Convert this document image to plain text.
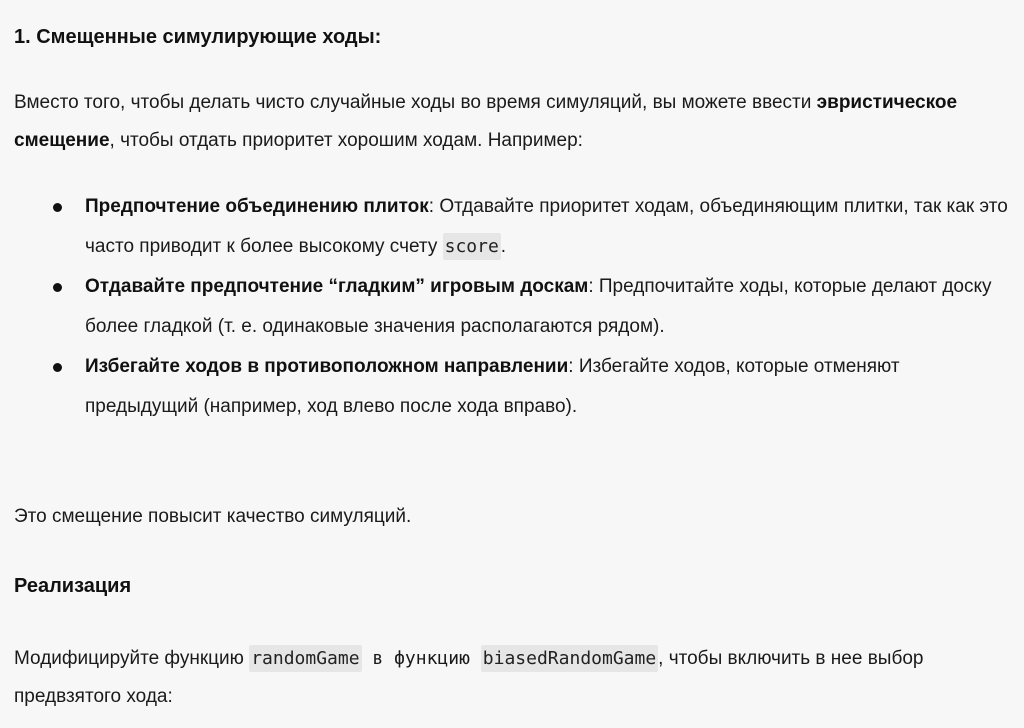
1. Смещенные симулирующие ходы:
Вместо того, чтобы делать чисто случайные ходы во время симуляций, вы можете ввести эвристическое смещение, чтобы отдать приоритет хорошим ходам. Например:
Предпочтение объединению плиток: Отдавайте приоритет ходам, объединяющим плитки, так как это часто приводит к более высокому счету score .
Отдавайте предпочтение “гладким” игровым доскам: Предпочитайте ходы, которые делают доску более гладкой (т. е. одинаковые значения располагаются рядом).
Избегайте ходов в противоположном направлении: Избегайте ходов, которые отменяют предыдущий (например, ход влево после хода вправо).
Это смещение повысит качество симуляций.
Реализация
Модифицируйте функцию randomGame в функцию biasedRandomGame , чтобы включить в нее выбор предвзятого хода:
